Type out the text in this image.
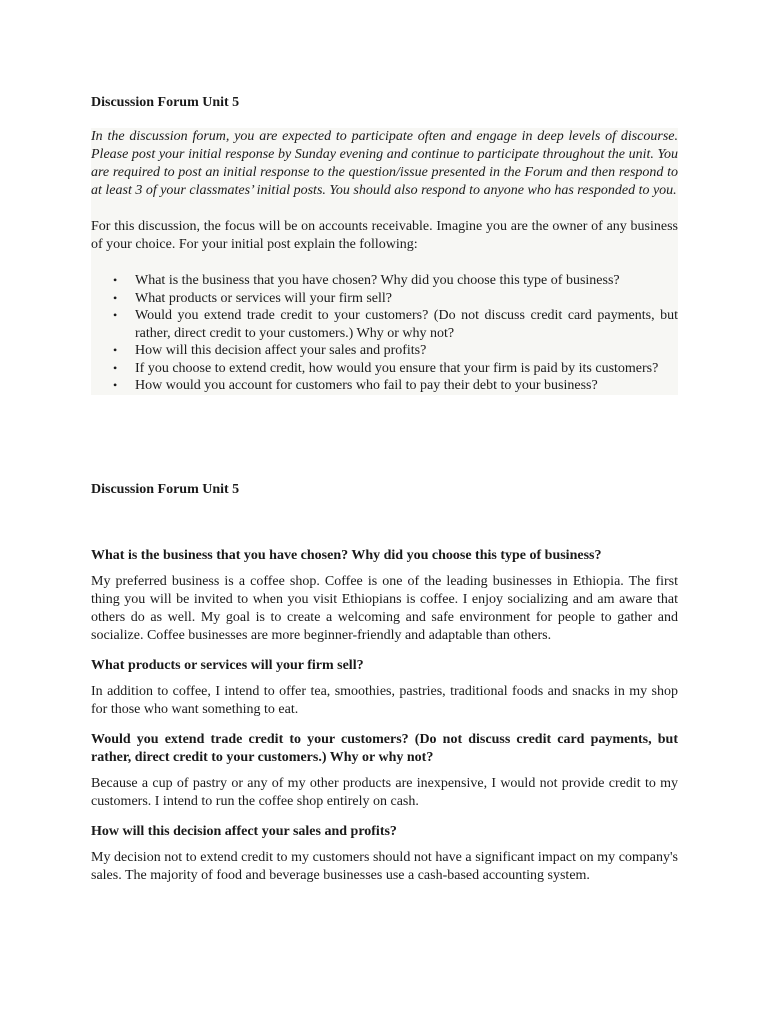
Discussion Forum Unit 5

In the discussion forum, you are expected to participate often and engage in deep levels of discourse. Please post your initial response by Sunday evening and continue to participate throughout the unit. You are required to post an initial response to the question/issue presented in the Forum and then respond to at least 3 of your classmates’ initial posts. You should also respond to anyone who has responded to you.

For this discussion, the focus will be on accounts receivable. Imagine you are the owner of any business of your choice. For your initial post explain the following:

• What is the business that you have chosen? Why did you choose this type of business?
• What products or services will your firm sell?
• Would you extend trade credit to your customers? (Do not discuss credit card payments, but rather, direct credit to your customers.) Why or why not?
• How will this decision affect your sales and profits?
• If you choose to extend credit, how would you ensure that your firm is paid by its customers?
• How would you account for customers who fail to pay their debt to your business?

Discussion Forum Unit 5

What is the business that you have chosen? Why did you choose this type of business?

My preferred business is a coffee shop. Coffee is one of the leading businesses in Ethiopia. The first thing you will be invited to when you visit Ethiopians is coffee. I enjoy socializing and am aware that others do as well. My goal is to create a welcoming and safe environment for people to gather and socialize. Coffee businesses are more beginner-friendly and adaptable than others.

What products or services will your firm sell?

In addition to coffee, I intend to offer tea, smoothies, pastries, traditional foods and snacks in my shop for those who want something to eat.

Would you extend trade credit to your customers? (Do not discuss credit card payments, but rather, direct credit to your customers.) Why or why not?

Because a cup of pastry or any of my other products are inexpensive, I would not provide credit to my customers. I intend to run the coffee shop entirely on cash.

How will this decision affect your sales and profits?

My decision not to extend credit to my customers should not have a significant impact on my company's sales. The majority of food and beverage businesses use a cash-based accounting system.
